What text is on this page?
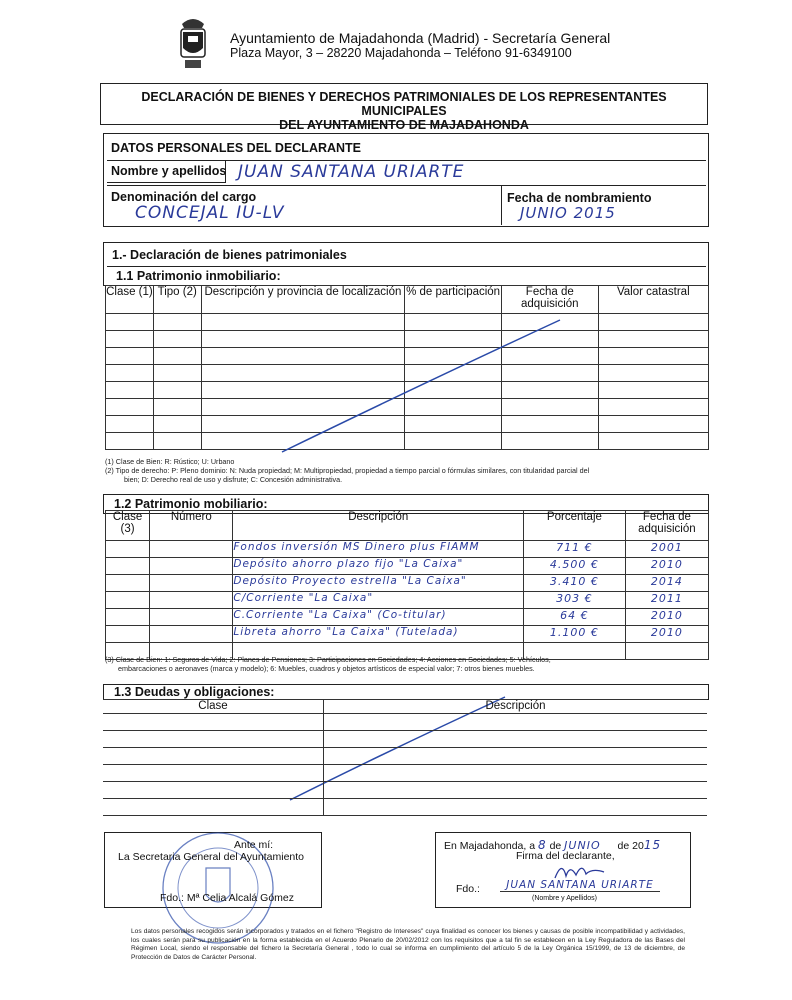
Ayuntamiento de Majadahonda (Madrid) - Secretaría General
Plaza Mayor, 3 – 28220 Majadahonda – Teléfono 91-6349100
DECLARACIÓN DE BIENES Y DERECHOS PATRIMONIALES DE LOS REPRESENTANTES MUNICIPALES
DEL AYUNTAMIENTO DE MAJADAHONDA
DATOS PERSONALES DEL DECLARANTE
Nombre y apellidos JUAN SANTANA URIARTE
Denominación del cargo
CONCEJAL IU-LV
Fecha de nombramiento
JUNIO 2015
1.- Declaración de bienes patrimoniales
1.1 Patrimonio inmobiliario:
Clase (1)	Tipo (2)	Descripción y provincia de localización	% de participación	Fecha de adquisición	Valor catastral

(1) Clase de Bien: R: Rústico; U: Urbano
(2) Tipo de derecho: P: Pleno dominio: N: Nuda propiedad; M: Multipropiedad, propiedad a tiempo parcial o fórmulas similares, con titularidad parcial del
bien; D: Derecho real de uso y disfrute; C: Concesión administrativa.
1.2 Patrimonio mobiliario:
Clase (3)	Número	Descripción	Porcentaje	Fecha de adquisición
		Fondos inversión MS Dinero plus FIAMM	711 €	2001
		Depósito ahorro plazo fijo "La Caixa"	4.500 €	2010
		Depósito Proyecto estrella "La Caixa"	3.410 €	2014
		C/Corriente "La Caixa"	303 €	2011
		C.Corriente "La Caixa" (Co-titular)	64 €	2010
		Libreta ahorro "La Caixa" (Tutelada)	1.100 €	2010

(3) Clase de Bien: 1: Seguros de Vida; 2: Planes de Pensiones; 3: Participaciones en Sociedades; 4: Acciones en Sociedades; 5: Vehículos,
embarcaciones o aeronaves (marca y modelo); 6: Muebles, cuadros y objetos artísticos de especial valor; 7: otros bienes muebles.
1.3 Deudas y obligaciones:
Clase	Descripción

Ante mí:
La Secretaria General del Ayuntamiento
Fdo.: Mª Celia Alcalá Gómez
En Majadahonda, a 8 de JUNIO de 2015
Firma del declarante,
Fdo.:	JUAN SANTANA URIARTE
(Nombre y Apellidos)
Los datos personales recogidos serán incorporados y tratados en el fichero "Registro de Intereses" cuya finalidad es conocer los bienes y causas de posible incompatibilidad y actividades, los cuales serán para su publicación en la forma establecida en el Acuerdo Plenario de 20/02/2012 con los requisitos que a tal fin se establecen en la Ley Reguladora de las Bases del Régimen Local, siendo el responsable del fichero la Secretaría General , todo lo cual se informa en cumplimiento del artículo 5 de la Ley Orgánica 15/1999, de 13 de diciembre, de Protección de Datos de Carácter Personal.
